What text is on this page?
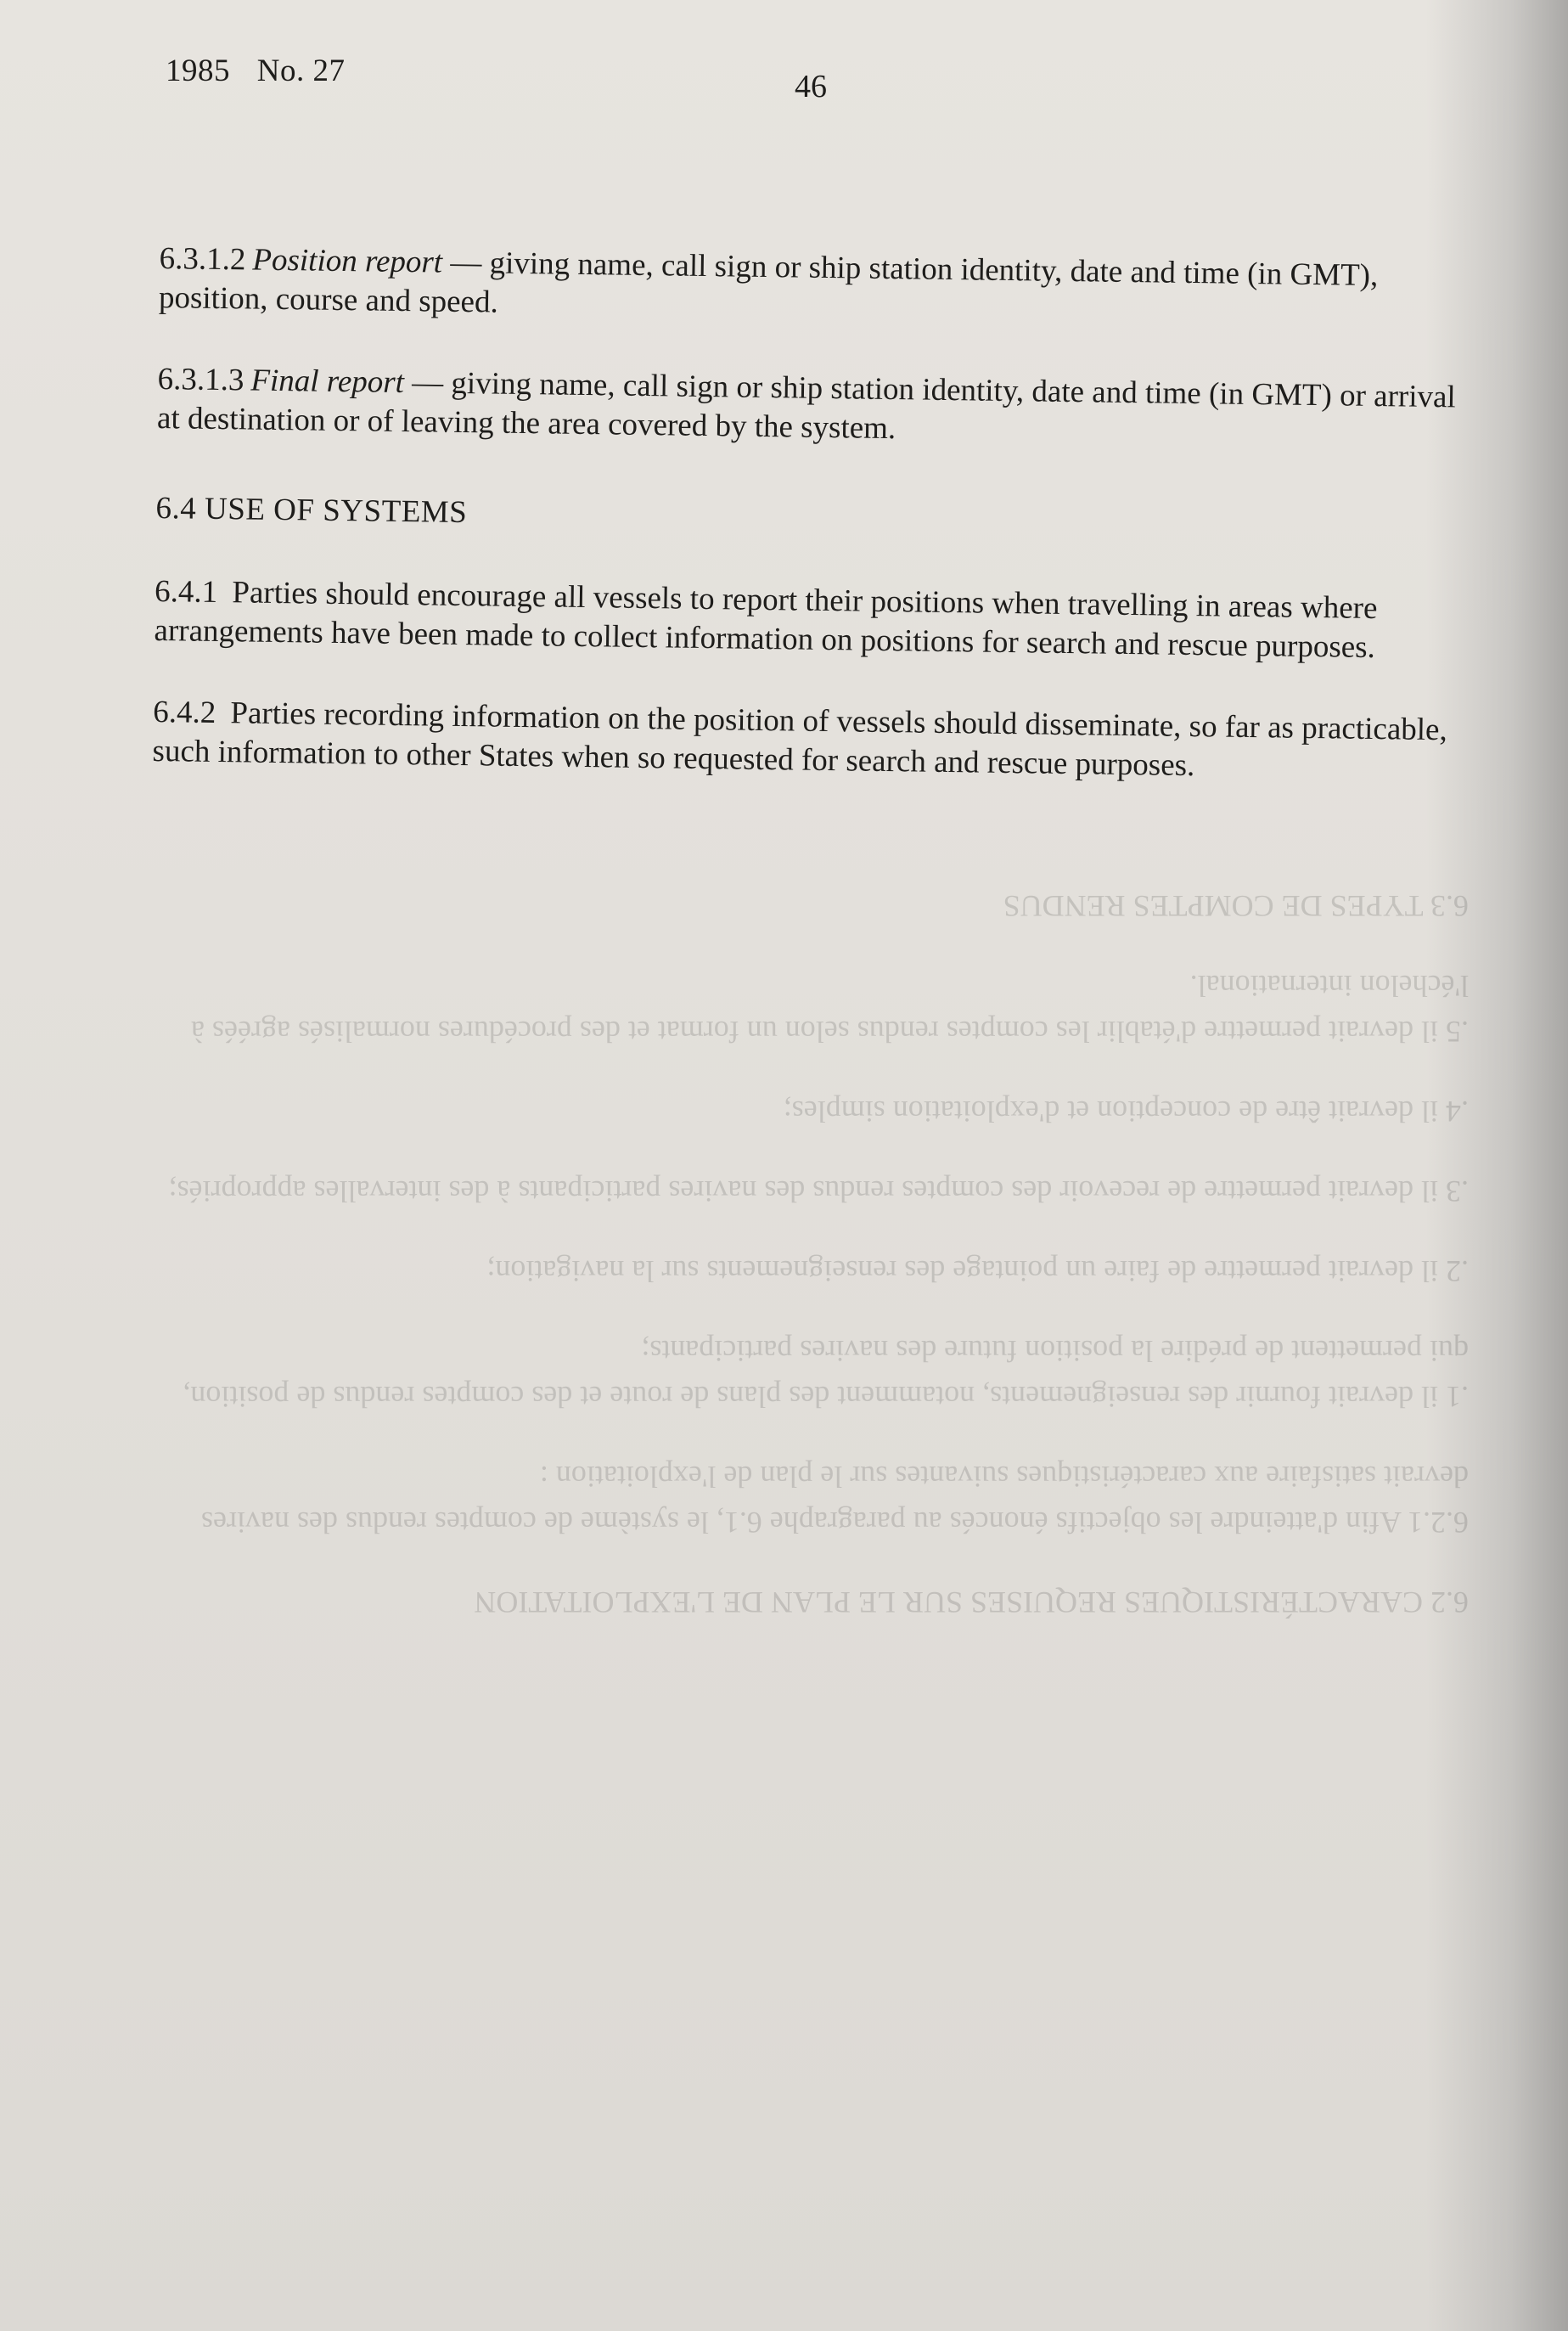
6.2 CARACTÉRISTIQUES REQUISES SUR LE PLAN DE L'EXPLOITATION

6.2.1 Afin d'atteindre les objectifs énoncés au paragraphe 6.1, le système de comptes rendus des navires devrait satisfaire aux caractéristiques suivantes sur le plan de l'exploitation :

.1 il devrait fournir des renseignements, notamment des plans de route et des comptes rendus de position, qui permettent de prédire la position future des navires participants;

.2 il devrait permettre de faire un pointage des renseignements sur la navigation;

.3 il devrait permettre de recevoir des comptes rendus des navires participants à des intervalles appropriés;

.4 il devrait être de conception et d'exploitation simples;

.5 il devrait permettre d'établir les comptes rendus selon un format et des procédures normalisés agréés à l'échelon international.

6.3 TYPES DE COMPTES RENDUS

1985 No. 27	46

6.3.1.2 Position report — giving name, call sign or ship station identity, date and time (in GMT), position, course and speed.

6.3.1.3 Final report — giving name, call sign or ship station identity, date and time (in GMT) or arrival at destination or of leaving the area covered by the system.

6.4 USE OF SYSTEMS

6.4.1 Parties should encourage all vessels to report their positions when travelling in areas where arrangements have been made to collect information on positions for search and rescue purposes.

6.4.2 Parties recording information on the position of vessels should disseminate, so far as practicable, such information to other States when so requested for search and rescue purposes.
